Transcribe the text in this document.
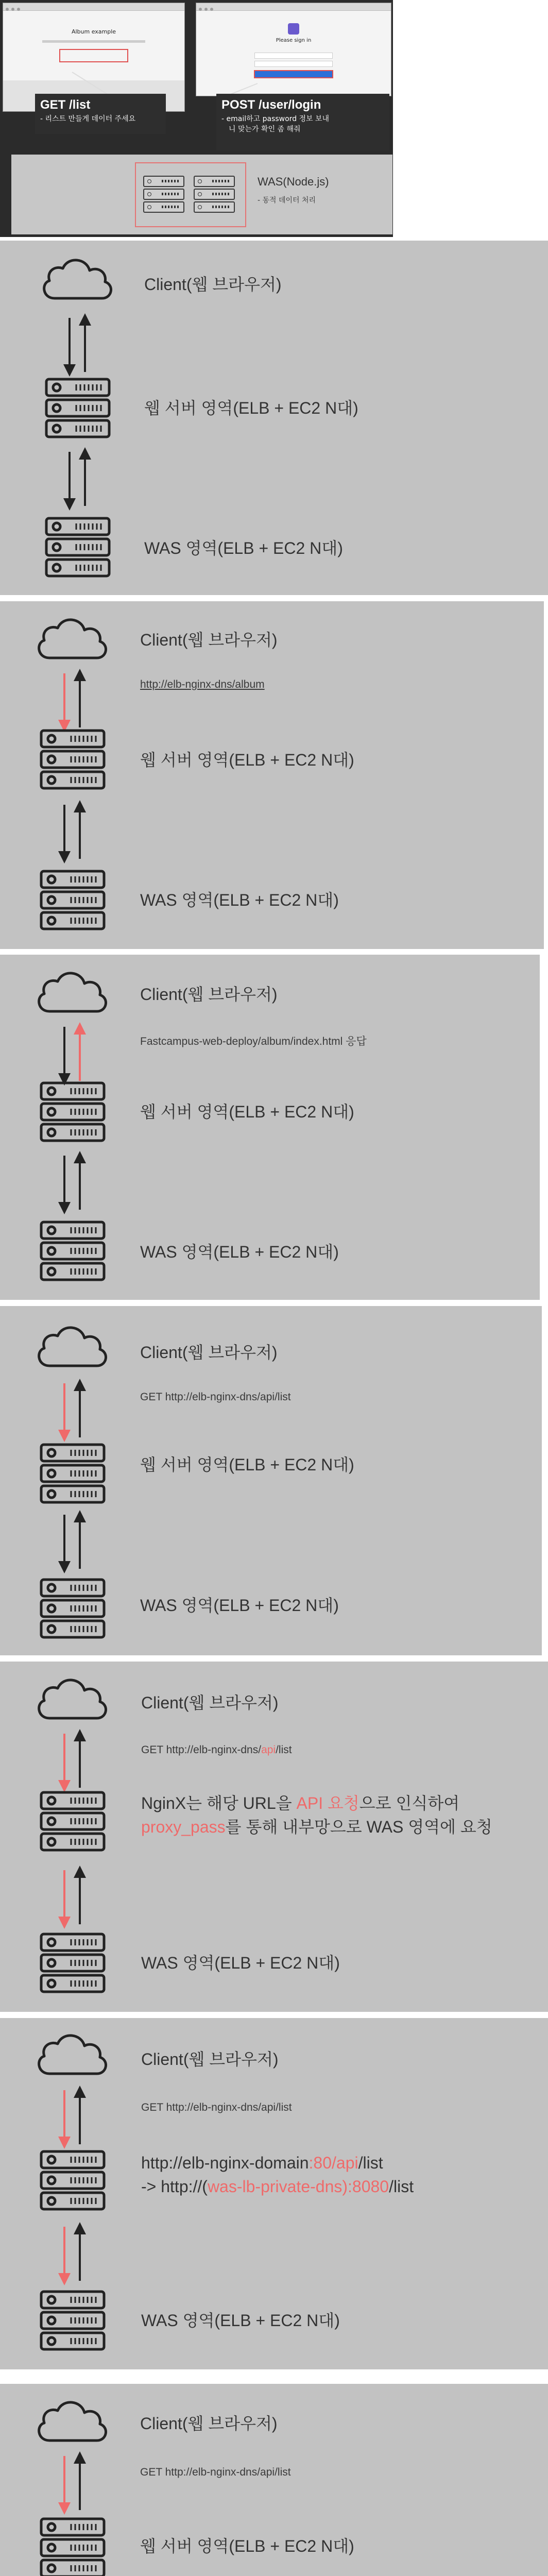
Album example
Please sign in
GET /list
- 리스트 만들게 데이터 주세요
POST /user/login
- email하고 password 정보 보내
니 맞는가 확인 좀 해줘
WAS(Node.js)
- 동적 데이터 처리
Client(웹 브라우저)
웹 서버 영역(ELB + EC2 N대)
WAS 영역(ELB + EC2 N대)
Client(웹 브라우저)
http://elb-nginx-dns/album
웹 서버 영역(ELB + EC2 N대)
WAS 영역(ELB + EC2 N대)
Client(웹 브라우저)
Fastcampus-web-deploy/album/index.html 응답
웹 서버 영역(ELB + EC2 N대)
WAS 영역(ELB + EC2 N대)
Client(웹 브라우저)
GET http://elb-nginx-dns/api/list
웹 서버 영역(ELB + EC2 N대)
WAS 영역(ELB + EC2 N대)
Client(웹 브라우저)
GET http://elb-nginx-dns/api/list
NginX는 해당 URL을 API 요청으로 인식하여
proxy_pass를 통해 내부망으로 WAS 영역에 요청
WAS 영역(ELB + EC2 N대)
Client(웹 브라우저)
GET http://elb-nginx-dns/api/list
http://elb-nginx-domain:80/api/list
-> http://(was-lb-private-dns):8080/list
WAS 영역(ELB + EC2 N대)
Client(웹 브라우저)
GET http://elb-nginx-dns/api/list
웹 서버 영역(ELB + EC2 N대)
